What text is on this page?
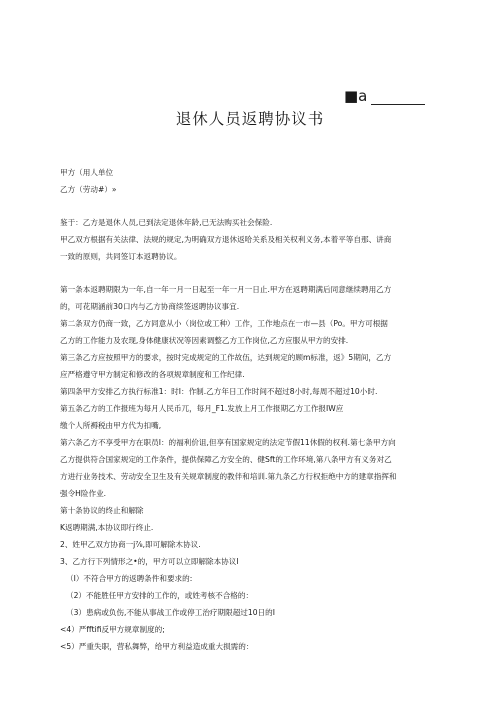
■a
退休人员返聘协议书
甲方（用人单位
乙方（劳动#）»
鉴于：乙方是退休人员,已到法定退休年龄,已无法购买社会保险.
甲乙双方根据有关法律、法规的规定,为明确双方退休返哈关系及相关权利义务,本着平等自那、讲商
一致的原则，共同签订本返聘协议。
第一条本返聘期限为一年,自一年一月一日起至一年一月一日止.甲方在返聘期满后同意继续聘用乙方
的，可花期涵前30口内与乙方协商续签返聘协议事宜.
第二条双方仍商一致，乙方同意从小（岗位或工种）工作，工作地点在一市—县（Po。甲方可根据
乙方的工作能力及农现,身体健康状况等因素调整乙方工作岗位,乙方应服从甲方的安排.
第三条乙方应按照甲方的要求，按时完成规定的工作故伍，达到规定的顾m标准，返》5期间，乙方
应严格遵守甲方制定和修改的各项规章制度和工作纪律.
第四条甲方安排乙方执行标准1：时I：作制.乙方年日工作时间不超过8小时,每周不超过10小时.
第五条乙方的工作报班为每月人民币兀，每月_F1.发放上月工作报期乙方工作报IW应
缴个人所褥税由甲方代为扣嘴,
第六条乙方不享受甲方在职员I：的福利价诅,但享有国家规定的法定节假11休假的权利.第七条甲方向
乙方提供符合国家规定的工作条件，提供保障乙方安全的、健Sft的工作环境,第八条甲方有义务对乙
方进行业务技术、劳动安全卫生及有关规章制度的教伴和培训.第九条乙方行权拒绝中方的建章指挥和
强令H险作业.
第十条协议的终止和解除
K返聘期满,本协议即行终止.
2、姓甲乙双方协商一j⅞,即可解除木协议.
3、乙方行下列情形之•的，甲方可以立即解除本协议I
（I）不符合甲方的返聘条件和要求的:
（2）不能胜任甲方安排的工作的，或姓考核不合格的：
（3）患病或负伤,不能从事战工作或停工治疗期限超过10日的I
<4）严fftifi反甲方规章制度的;
<5）严重失职，营私舞弊，给甲方利益造成重大损需的：
